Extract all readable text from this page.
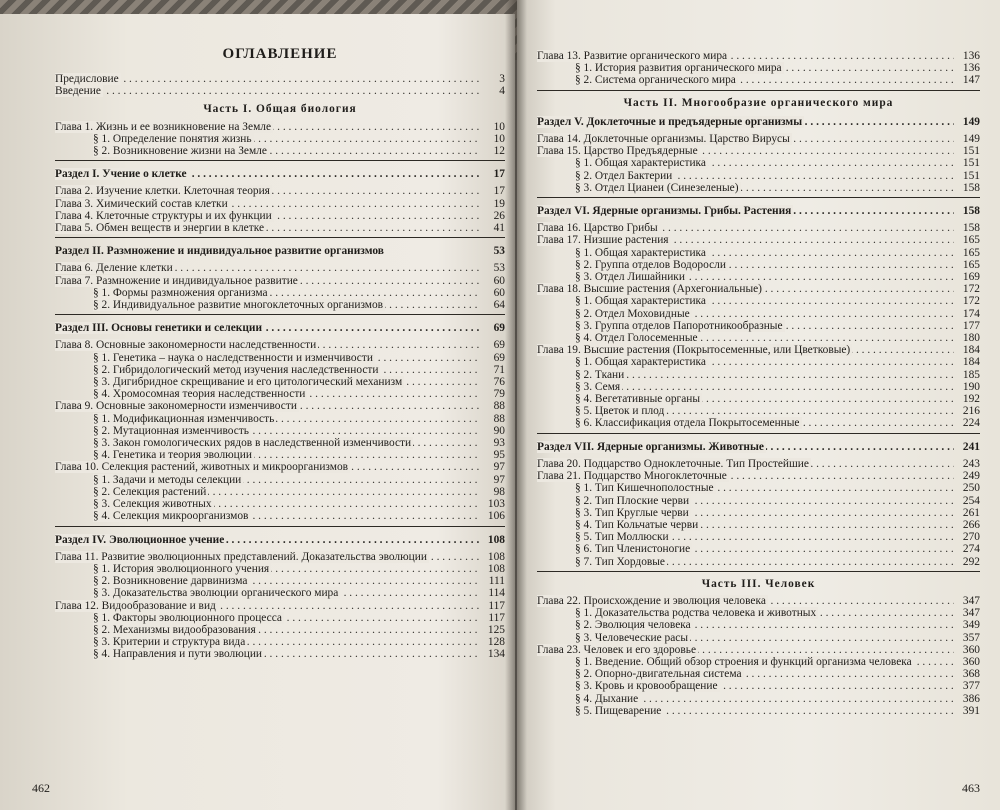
ОГЛАВЛЕНИЕ
Предисловие . . .	3
Введение . . .	4
Часть I. Общая биология
Глава 1. Жизнь и ее возникновение на Земле . . .	10
§ 1. Определение понятия жизнь . . .	10
§ 2. Возникновение жизни на Земле . . .	12
Раздел I. Учение о клетке . . .	17
Глава 2. Изучение клетки. Клеточная теория . . .	17
Глава 3. Химический состав клетки . . .	19
Глава 4. Клеточные структуры и их функции . . .	26
Глава 5. Обмен веществ и энергии в клетке . . .	41
Раздел II. Размножение и индивидуальное развитие организмов	53
Глава 6. Деление клетки . . .	53
Глава 7. Размножение и индивидуальное развитие . . .	60
§ 1. Формы размножения организма . . .	60
§ 2. Индивидуальное развитие многоклеточных организмов . . .	64
Раздел III. Основы генетики и селекции . . .	69
Глава 8. Основные закономерности наследственности . . .	69
§ 1. Генетика – наука о наследственности и изменчивости . . .	69
§ 2. Гибридологический метод изучения наследственности . . .	71
§ 3. Дигибридное скрещивание и его цитологический механизм . . .	76
§ 4. Хромосомная теория наследственности . . .	79
Глава 9. Основные закономерности изменчивости . . .	88
§ 1. Модификационная изменчивость . . .	88
§ 2. Мутационная изменчивость . . .	90
§ 3. Закон гомологических рядов в наследственной изменчивости . . .	93
§ 4. Генетика и теория эволюции . . .	95
Глава 10. Селекция растений, животных и микроорганизмов . . .	97
§ 1. Задачи и методы селекции . . .	97
§ 2. Селекция растений . . .	98
§ 3. Селекция животных . . .	103
§ 4. Селекция микроорганизмов . . .	106
Раздел IV. Эволюционное учение . . .	108
Глава 11. Развитие эволюционных представлений. Доказательства эволюции . . .	108
§ 1. История эволюционного учения . . .	108
§ 2. Возникновение дарвинизма . . .	111
§ 3. Доказательства эволюции органического мира . . .	114
Глава 12. Видообразование и вид . . .	117
§ 1. Факторы эволюционного процесса . . .	117
§ 2. Механизмы видообразования . . .	125
§ 3. Критерии и структура вида . . .	128
§ 4. Направления и пути эволюции . . .	134
462
Глава 13. Развитие органического мира . . .	136
§ 1. История развития органического мира . . .	136
§ 2. Система органического мира . . .	147
Часть II. Многообразие органического мира
Раздел V. Доклеточные и предъядерные организмы . . .	149
Глава 14. Доклеточные организмы. Царство Вирусы . . .	149
Глава 15. Царство Предъядерные . . .	151
§ 1. Общая характеристика . . .	151
§ 2. Отдел Бактерии . . .	151
§ 3. Отдел Цианеи (Синезеленые) . . .	158
Раздел VI. Ядерные организмы. Грибы. Растения . . .	158
Глава 16. Царство Грибы . . .	158
Глава 17. Низшие растения . . .	165
§ 1. Общая характеристика . . .	165
§ 2. Группа отделов Водоросли . . .	165
§ 3. Отдел Лишайники . . .	169
Глава 18. Высшие растения (Архегониальные) . . .	172
§ 1. Общая характеристика . . .	172
§ 2. Отдел Моховидные . . .	174
§ 3. Группа отделов Папоротникообразные . . .	177
§ 4. Отдел Голосеменные . . .	180
Глава 19. Высшие растения (Покрытосеменные, или Цветковые) . . .	184
§ 1. Общая характеристика . . .	184
§ 2. Ткани . . .	185
§ 3. Семя . . .	190
§ 4. Вегетативные органы . . .	192
§ 5. Цветок и плод . . .	216
§ 6. Классификация отдела Покрытосеменные . . .	224
Раздел VII. Ядерные организмы. Животные . . .	241
Глава 20. Подцарство Одноклеточные. Тип Простейшие . . .	243
Глава 21. Подцарство Многоклеточные . . .	249
§ 1. Тип Кишечнополостные . . .	250
§ 2. Тип Плоские черви . . .	254
§ 3. Тип Круглые черви . . .	261
§ 4. Тип Кольчатые черви . . .	266
§ 5. Тип Моллюски . . .	270
§ 6. Тип Членистоногие . . .	274
§ 7. Тип Хордовые . . .	292
Часть III. Человек
Глава 22. Происхождение и эволюция человека . . .	347
§ 1. Доказательства родства человека и животных . . .	347
§ 2. Эволюция человека . . .	349
§ 3. Человеческие расы . . .	357
Глава 23. Человек и его здоровье . . .	360
§ 1. Введение. Общий обзор строения и функций организма человека . . .	360
§ 2. Опорно-двигательная система . . .	368
§ 3. Кровь и кровообращение . . .	377
§ 4. Дыхание . . .	386
§ 5. Пищеварение . . .	391
463
